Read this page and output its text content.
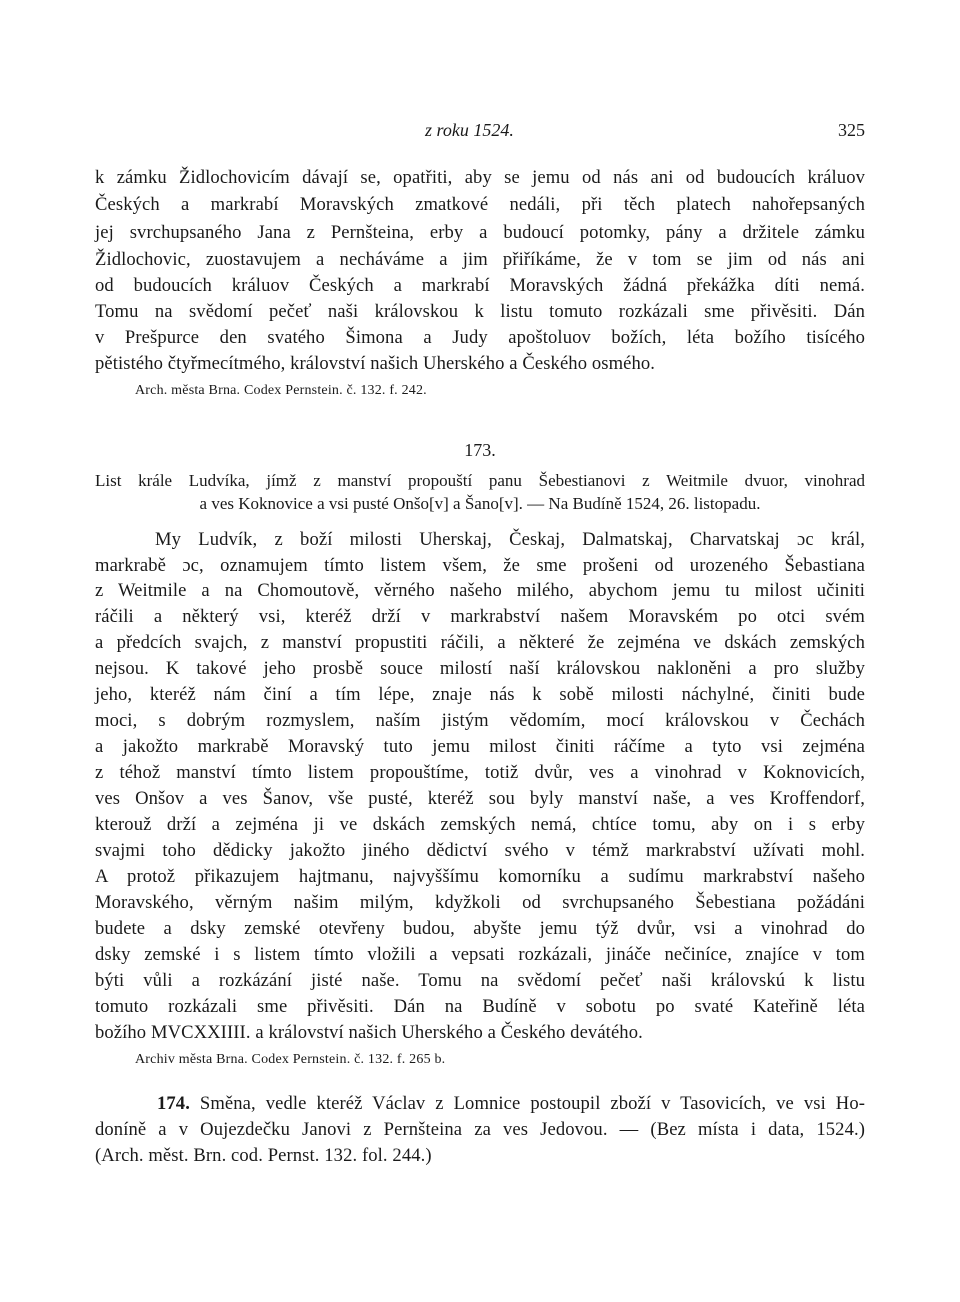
z roku 1524.	325
k zámku Židlochovicím dávají se, opatřiti, aby se jemu od nás ani od budoucích králuov
Českých a markrabí Moravských zmatkové nedáli, při těch platech nahořepsaných
jej svrchupsaného Jana z Pernšteina, erby a budoucí potomky, pány a držitele zámku
Židlochovic, zuostavujem a necháváme a jim přiříkáme, že v tom se jim od nás ani
od budoucích králuov Českých a markrabí Moravských žádná překážka díti nemá.
Tomu na svědomí pečeť naši královskou k listu tomuto rozkázali sme přivěsiti. Dán
v Prešpurce den svatého Šimona a Judy apoštoluov božích, léta božího tisícého
pětistého čtyřmecítmého, království našich Uherského a Českého osmého.
Arch. města Brna. Codex Pernstein. č. 132. f. 242.
173.
List krále Ludvíka, jímž z manství propouští panu Šebestianovi z Weitmile dvuor, vinohrad
a ves Koknovice a vsi pusté Onšo[v] a Šano[v]. — Na Budíně 1524, 26. listopadu.
My Ludvík, z boží milosti Uherskaj, Českaj, Dalmatskaj, Charvatskaj ɔc král,
markrabě ɔc, oznamujem tímto listem všem, že sme prošeni od urozeného Šebastiana
z Weitmile a na Chomoutově, věrného našeho milého, abychom jemu tu milost učiniti
ráčili a některý vsi, kteréž drží v markrabství našem Moravském po otci svém
a předcích svajch, z manství propustiti ráčili, a některé že zejména ve dskách zemských
nejsou. K takové jeho prosbě souce milostí naší královskou nakloněni a pro služby
jeho, kteréž nám činí a tím lépe, znaje nás k sobě milosti náchylné, činiti bude
moci, s dobrým rozmyslem, naším jistým vědomím, mocí královskou v Čechách
a jakožto markrabě Moravský tuto jemu milost činiti ráčíme a tyto vsi zejména
z téhož manství tímto listem propouštíme, totiž dvůr, ves a vinohrad v Koknovicích,
ves Onšov a ves Šanov, vše pusté, kteréž sou byly manství naše, a ves Kroffendorf,
kterouž drží a zejména ji ve dskách zemských nemá, chtíce tomu, aby on i s erby
svajmi toho dědicky jakožto jiného dědictví svého v témž markrabství užívati mohl.
A protož přikazujem hajtmanu, najvyššímu komorníku a sudímu markrabství našeho
Moravského, věrným našim milým, kdyžkoli od svrchupsaného Šebestiana požádáni
budete a dsky zemské otevřeny budou, abyšte jemu týž dvůr, vsi a vinohrad do
dsky zemské i s listem tímto vložili a vepsati rozkázali, jináče nečiníce, znajíce v tom
býti vůli a rozkázání jisté naše. Tomu na svědomí pečeť naši královskú k listu
tomuto rozkázali sme přivěsiti. Dán na Budíně v sobotu po svaté Kateřině léta
božího MVCXXIIII. a království našich Uherského a Českého devátého.
Archiv města Brna. Codex Pernstein. č. 132. f. 265 b.
174. Směna, vedle kteréž Václav z Lomnice postoupil zboží v Tasovicích, ve vsi Ho-
doníně a v Oujezdečku Janovi z Pernšteina za ves Jedovou. — (Bez místa i data, 1524.)
(Arch. měst. Brn. cod. Pernst. 132. fol. 244.)
